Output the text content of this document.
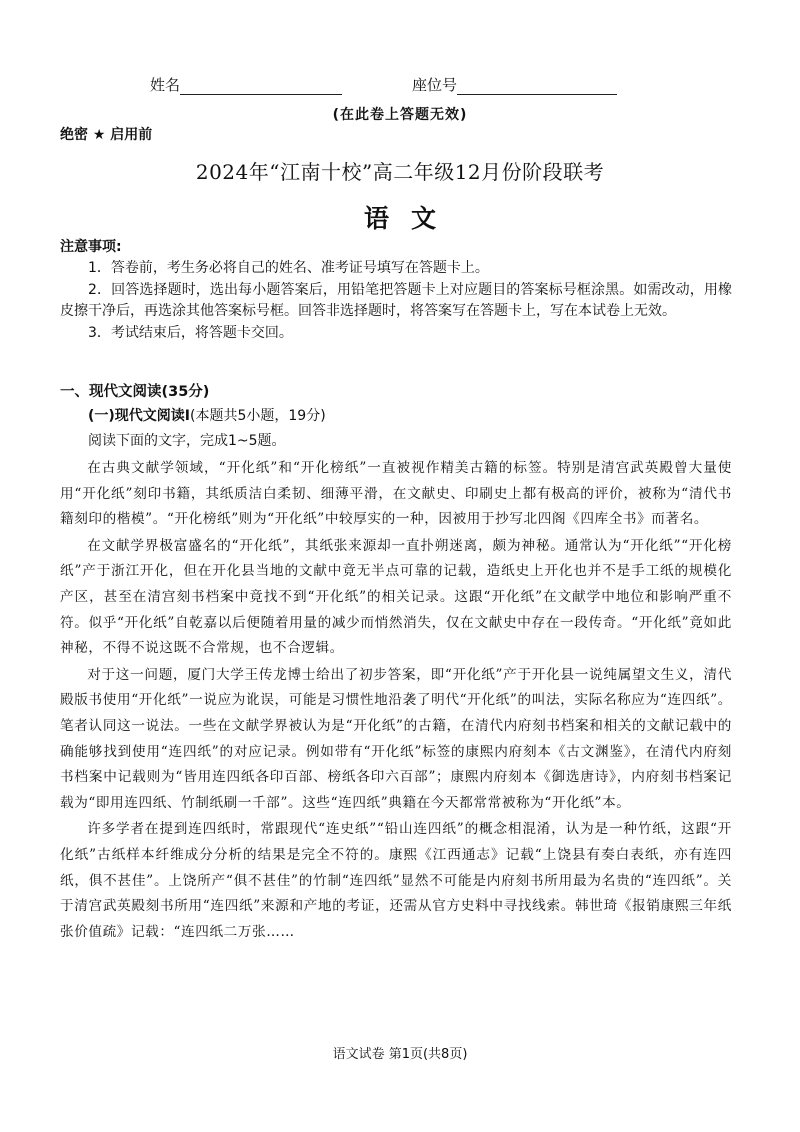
姓名	座位号
(在此卷上答题无效)
绝密 ★ 启用前
2024年“江南十校”高二年级12月份阶段联考
语文
注意事项:

1．答卷前，考生务必将自己的姓名、准考证号填写在答题卡上。

2．回答选择题时，选出每小题答案后，用铅笔把答题卡上对应题目的答案标号框涂黑。如需改动，用橡皮擦干净后，再选涂其他答案标号框。回答非选择题时，将答案写在答题卡上，写在本试卷上无效。

3．考试结束后，将答题卡交回。

一、现代文阅读(35分)
(一)现代文阅读Ⅰ(本题共5小题，19分)
阅读下面的文字，完成1~5题。

在古典文献学领域，“开化纸”和“开化榜纸”一直被视作精美古籍的标签。特别是清宫武英殿曾大量使用“开化纸”刻印书籍，其纸质洁白柔韧、细薄平滑，在文献史、印刷史上都有极高的评价，被称为“清代书籍刻印的楷模”。“开化榜纸”则为“开化纸”中较厚实的一种，因被用于抄写北四阁《四库全书》而著名。

在文献学界极富盛名的“开化纸”，其纸张来源却一直扑朔迷离，颇为神秘。通常认为“开化纸”“开化榜纸”产于浙江开化，但在开化县当地的文献中竟无半点可靠的记载，造纸史上开化也并不是手工纸的规模化产区，甚至在清宫刻书档案中竟找不到“开化纸”的相关记录。这跟“开化纸”在文献学中地位和影响严重不符。似乎“开化纸”自乾嘉以后便随着用量的减少而悄然消失，仅在文献史中存在一段传奇。“开化纸”竟如此神秘，不得不说这既不合常规，也不合逻辑。

对于这一问题，厦门大学王传龙博士给出了初步答案，即“开化纸”产于开化县一说纯属望文生义，清代殿版书使用“开化纸”一说应为讹误，可能是习惯性地沿袭了明代“开化纸”的叫法，实际名称应为“连四纸”。笔者认同这一说法。一些在文献学界被认为是“开化纸”的古籍，在清代内府刻书档案和相关的文献记载中的确能够找到使用“连四纸”的对应记录。例如带有“开化纸”标签的康熙内府刻本《古文渊鉴》，在清代内府刻书档案中记载则为“皆用连四纸各印百部、榜纸各印六百部”；康熙内府刻本《御选唐诗》，内府刻书档案记载为“即用连四纸、竹制纸刷一千部”。这些“连四纸”典籍在今天都常常被称为“开化纸”本。

许多学者在提到连四纸时，常跟现代“连史纸”“铅山连四纸”的概念相混淆，认为是一种竹纸，这跟“开化纸”古纸样本纤维成分分析的结果是完全不符的。康熙《江西通志》记载“上饶县有奏白表纸，亦有连四纸，俱不甚佳”。上饶所产“俱不甚佳”的竹制“连四纸”显然不可能是内府刻书所用最为名贵的“连四纸”。关于清宫武英殿刻书所用“连四纸”来源和产地的考证，还需从官方史料中寻找线索。韩世琦《报销康熙三年纸张价值疏》记载：“连四纸二万张……

语文试卷 第1页(共8页)
